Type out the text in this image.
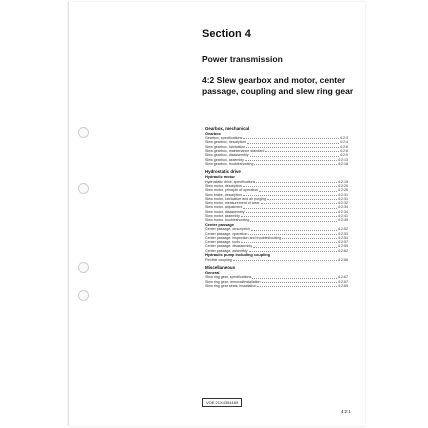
Section 4
Power transmission
4:2 Slew gearbox and motor, center passage, coupling and slew ring gear
Gearbox, mechanical
Gearbox
Gearbox, specifications	4:2:3
Slew gearbox, description	4:2:4
Slew gearbox, lubrication	4:2:6
Slew gearbox, maintenance standard	4:2:8
Slew gearbox, disassembly	4:2:9
Slew gearbox, assembly	4:2:13
Slew gearbox, troubleshooting	4:2:18
Hydrostatic drive
Hydraulic motor
Hydrostatic drive, specifications	4:2:19
Slew motor, description	4:2:20
Slew motor, principle of operation	4:2:26
Slew brake, description	4:2:31
Slew motor, lubrication and air purging	4:2:31
Slew motor, measurement of wear	4:2:32
Slew motor, adjustment	4:2:34
Slew motor, disassembly	4:2:34
Slew motor, assembly	4:2:41
Slew motor, troubleshooting	4:2:49
Center passage
Center passage, description	4:2:52
Center passage, operation	4:2:53
Center passage, inspection and troubleshooting	4:2:54
Center passage, tools	4:2:57
Center passage, disassembly	4:2:59
Center passage, assembly	4:2:62
Hydraulic pump including coupling
Flexible coupling	4:2:66
Miscellaneous
General
Slew ring gear, specifications	4:2:67
Slew ring gear, removal/installation	4:2:67
Slew ring gear seals, installation	4:2:69
VOE 21X4354169
4:2:1
